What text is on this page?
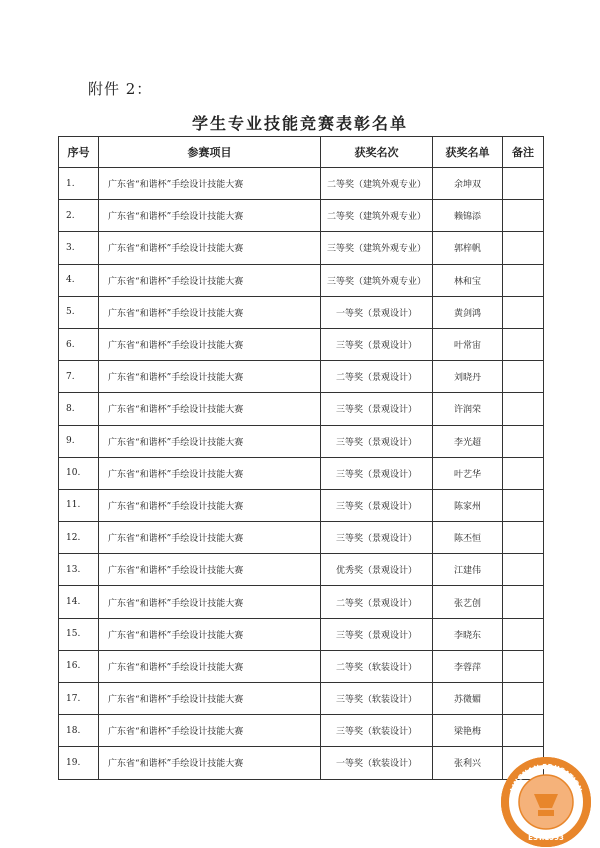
附件 2：
学生专业技能竞赛表彰名单
序号	参赛项目	获奖名次	获奖名单	备注
1.	广东省“和谐杯”手绘设计技能大赛	二等奖（建筑外观专业）	余坤双	
2.	广东省“和谐杯”手绘设计技能大赛	二等奖（建筑外观专业）	赖锦添	
3.	广东省“和谐杯”手绘设计技能大赛	三等奖（建筑外观专业）	郭梓帆	
4.	广东省“和谐杯”手绘设计技能大赛	三等奖（建筑外观专业）	林和宝	
5.	广东省“和谐杯”手绘设计技能大赛	一等奖（景观设计）	黄剑鸿	
6.	广东省“和谐杯”手绘设计技能大赛	三等奖（景观设计）	叶常宙	
7.	广东省“和谐杯”手绘设计技能大赛	二等奖（景观设计）	刘晓丹	
8.	广东省“和谐杯”手绘设计技能大赛	三等奖（景观设计）	许润荣	
9.	广东省“和谐杯”手绘设计技能大赛	三等奖（景观设计）	李光超	
10.	广东省“和谐杯”手绘设计技能大赛	三等奖（景观设计）	叶艺华	
11.	广东省“和谐杯”手绘设计技能大赛	三等奖（景观设计）	陈家州	
12.	广东省“和谐杯”手绘设计技能大赛	三等奖（景观设计）	陈丕恒	
13.	广东省“和谐杯”手绘设计技能大赛	优秀奖（景观设计）	江建伟	
14.	广东省“和谐杯”手绘设计技能大赛	二等奖（景观设计）	张艺创	
15.	广东省“和谐杯”手绘设计技能大赛	三等奖（景观设计）	李晓东	
16.	广东省“和谐杯”手绘设计技能大赛	二等奖（软装设计）	李蓉萍	
17.	广东省“和谐杯”手绘设计技能大赛	三等奖（软装设计）	苏微媚	
18.	广东省“和谐杯”手绘设计技能大赛	三等奖（软装设计）	梁艳梅	
19.	广东省“和谐杯”手绘设计技能大赛	一等奖（软装设计）	张利兴	
LINGNAN EDUCATION
EST.1993
